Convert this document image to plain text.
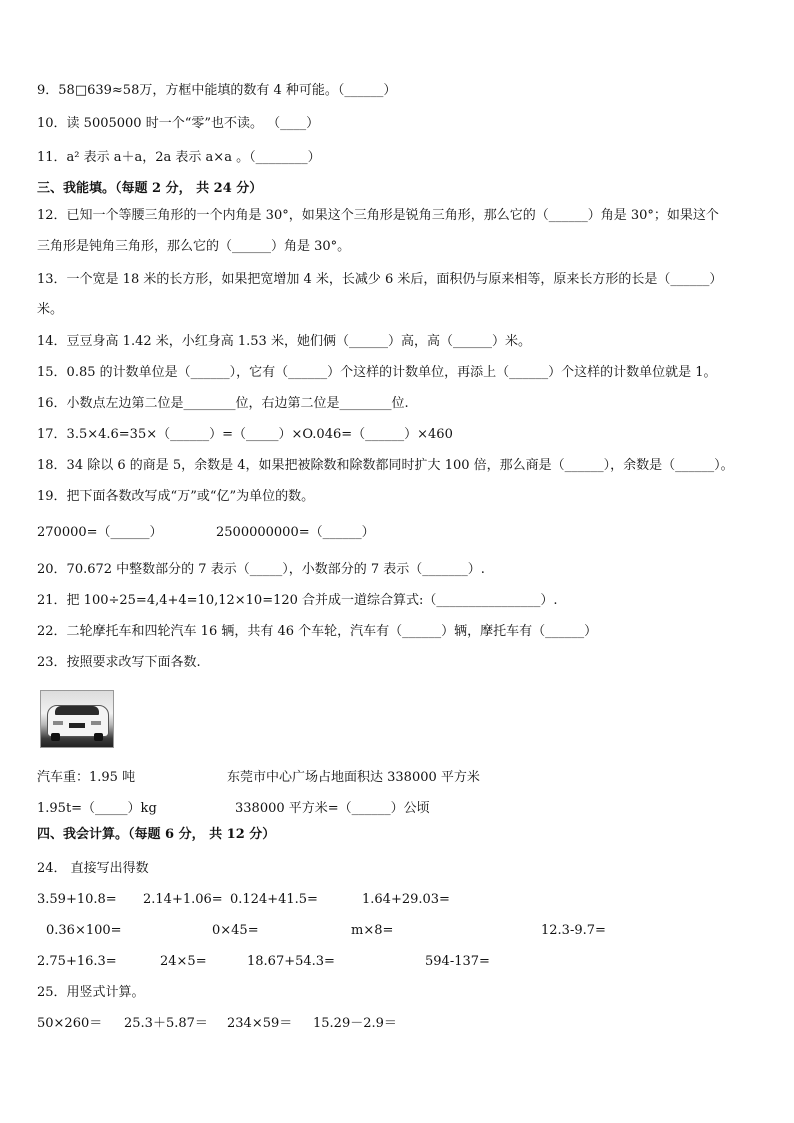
9．58□639≈58万，方框中能填的数有 4 种可能。（______）
10．读 5005000 时一个“零”也不读。 （____）
11．a² 表示 a＋a，2a 表示 a×a 。（________）
三、我能填。（每题 2 分， 共 24 分）
12．已知一个等腰三角形的一个内角是 30°，如果这个三角形是锐角三角形，那么它的（______）角是 30°；如果这个
三角形是钝角三角形，那么它的（______）角是 30°。
13．一个宽是 18 米的长方形，如果把宽增加 4 米，长减少 6 米后，面积仍与原来相等，原来长方形的长是（______）
米。
14．豆豆身高 1.42 米，小红身高 1.53 米，她们俩（______）高，高（______）米。
15．0.85 的计数单位是（______），它有（______）个这样的计数单位，再添上（______）个这样的计数单位就是 1。
16．小数点左边第二位是________位，右边第二位是________位.
17．3.5×4.6=35×（______）=（_____）×O.046=（______）×460
18．34 除以 6 的商是 5，余数是 4，如果把被除数和除数都同时扩大 100 倍，那么商是（______），余数是（______）。
19．把下面各数改写成“万”或“亿”为单位的数。
270000=（______）	2500000000=（______）
20．70.672 中整数部分的 7 表示（_____），小数部分的 7 表示（_______）.
21．把 100÷25=4,4+4=10,12×10=120 合并成一道综合算式:（________________）.
22．二轮摩托车和四轮汽车 16 辆，共有 46 个车轮，汽车有（______）辆，摩托车有（______）
23．按照要求改写下面各数.
汽车重：1.95 吨	东莞市中心广场占地面积达 338000 平方米
1.95t=（_____）kg	338000 平方米=（______）公顷
四、我会计算。（每题 6 分， 共 12 分）
24． 直接写出得数
3.59+10.8= 2.14+1.06= 0.124+41.5=	1.64+29.03=
0.36×100=	0×45=	m×8=	12.3-9.7=
2.75+16.3=	24×5=	18.67+54.3=	594-137=
25．用竖式计算。
50×260＝ 25.3＋5.87＝ 234×59＝ 15.29－2.9＝
